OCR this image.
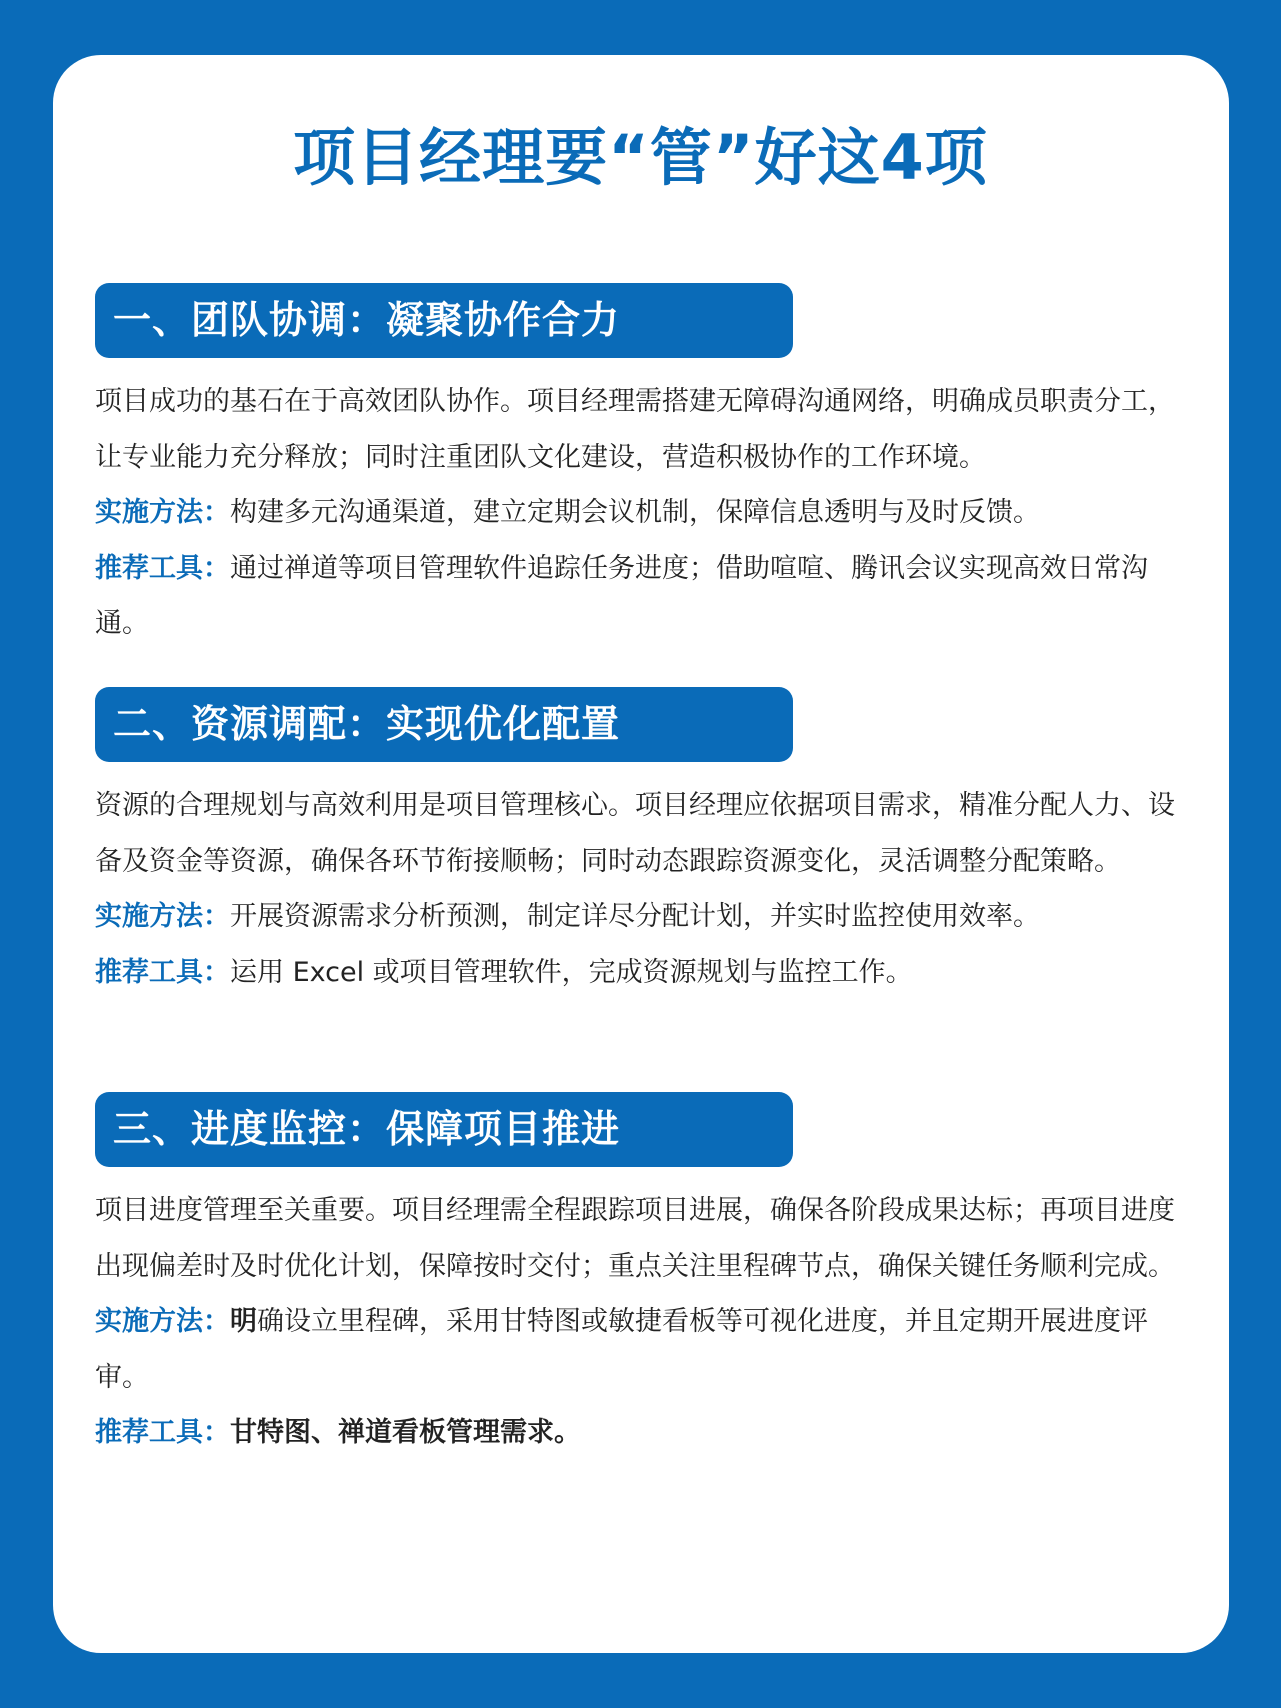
项目经理要“管”好这4项
一、团队协调：凝聚协作合力

项目成功的基石在于高效团队协作。项目经理需搭建无障碍沟通网络，明确成员职责分工，让专业能力充分释放；同时注重团队文化建设，营造积极协作的工作环境。

实施方法：构建多元沟通渠道，建立定期会议机制，保障信息透明与及时反馈。

推荐工具：通过禅道等项目管理软件追踪任务进度；借助喧喧、腾讯会议实现高效日常沟通。

二、资源调配：实现优化配置

资源的合理规划与高效利用是项目管理核心。项目经理应依据项目需求，精准分配人力、设备及资金等资源，确保各环节衔接顺畅；同时动态跟踪资源变化，灵活调整分配策略。

实施方法：开展资源需求分析预测，制定详尽分配计划，并实时监控使用效率。

推荐工具：运用 Excel 或项目管理软件，完成资源规划与监控工作。

三、进度监控：保障项目推进

项目进度管理至关重要。项目经理需全程跟踪项目进展，确保各阶段成果达标；再项目进度出现偏差时及时优化计划，保障按时交付；重点关注里程碑节点，确保关键任务顺利完成。

实施方法：明确设立里程碑，采用甘特图或敏捷看板等可视化进度，并且定期开展进度评审。

推荐工具：甘特图、禅道看板管理需求。
